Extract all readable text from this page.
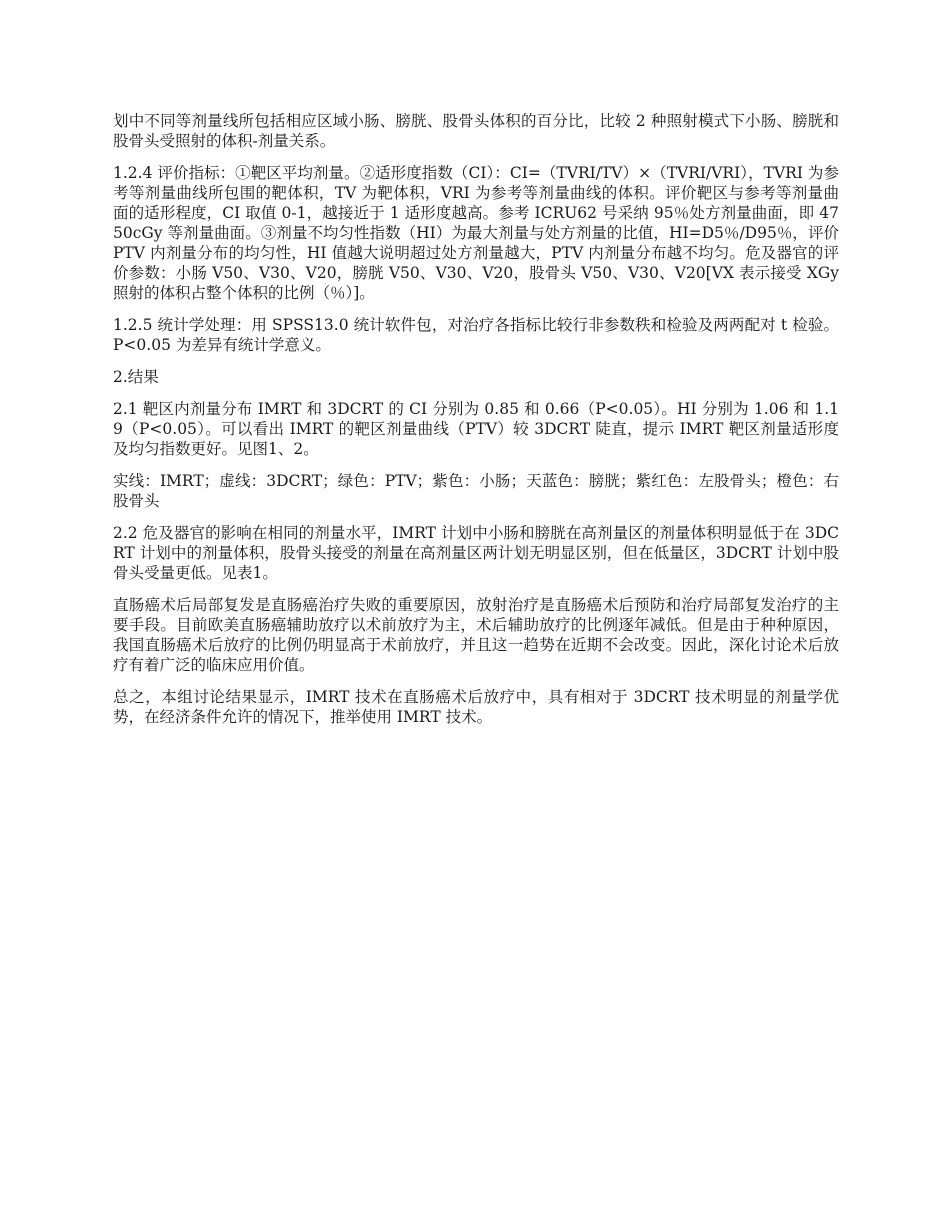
划中不同等剂量线所包括相应区域小肠、膀胱、股骨头体积的百分比，比较 2 种照射模式下小肠、膀胱和股骨头受照射的体积-剂量关系。

1.2.4 评价指标：①靶区平均剂量。②适形度指数（CI）：CI=（TVRI/TV）×（TVRI/VRI），TVRI 为参考等剂量曲线所包围的靶体积，TV 为靶体积，VRI 为参考等剂量曲线的体积。评价靶区与参考等剂量曲面的适形程度，CI 取值 0-1，越接近于 1 适形度越高。参考 ICRU62 号采纳 95％处方剂量曲面，即 4750cGy 等剂量曲面。③剂量不均匀性指数（HI）为最大剂量与处方剂量的比值，HI=D5％/D95％，评价 PTV 内剂量分布的均匀性，HI 值越大说明超过处方剂量越大，PTV 内剂量分布越不均匀。危及器官的评价参数：小肠 V50、V30、V20，膀胱 V50、V30、V20，股骨头 V50、V30、V20[VX 表示接受 XGy 照射的体积占整个体积的比例（％）]。

1.2.5 统计学处理：用 SPSS13.0 统计软件包，对治疗各指标比较行非参数秩和检验及两两配对 t 检验。P<0.05 为差异有统计学意义。

2.结果

2.1 靶区内剂量分布 IMRT 和 3DCRT 的 CI 分别为 0.85 和 0.66（P<0.05）。HI 分别为 1.06 和 1.19（P<0.05）。可以看出 IMRT 的靶区剂量曲线（PTV）较 3DCRT 陡直，提示 IMRT 靶区剂量适形度及均匀指数更好。见图1、2。

实线：IMRT；虚线：3DCRT；绿色：PTV；紫色：小肠；天蓝色：膀胱；紫红色：左股骨头；橙色：右股骨头

2.2 危及器官的影响在相同的剂量水平，IMRT 计划中小肠和膀胱在高剂量区的剂量体积明显低于在 3DCRT 计划中的剂量体积，股骨头接受的剂量在高剂量区两计划无明显区别，但在低量区，3DCRT 计划中股骨头受量更低。见表1。

直肠癌术后局部复发是直肠癌治疗失败的重要原因，放射治疗是直肠癌术后预防和治疗局部复发治疗的主要手段。目前欧美直肠癌辅助放疗以术前放疗为主，术后辅助放疗的比例逐年减低。但是由于种种原因，我国直肠癌术后放疗的比例仍明显高于术前放疗，并且这一趋势在近期不会改变。因此，深化讨论术后放疗有着广泛的临床应用价值。

总之，本组讨论结果显示，IMRT 技术在直肠癌术后放疗中，具有相对于 3DCRT 技术明显的剂量学优势，在经济条件允许的情况下，推举使用 IMRT 技术。
